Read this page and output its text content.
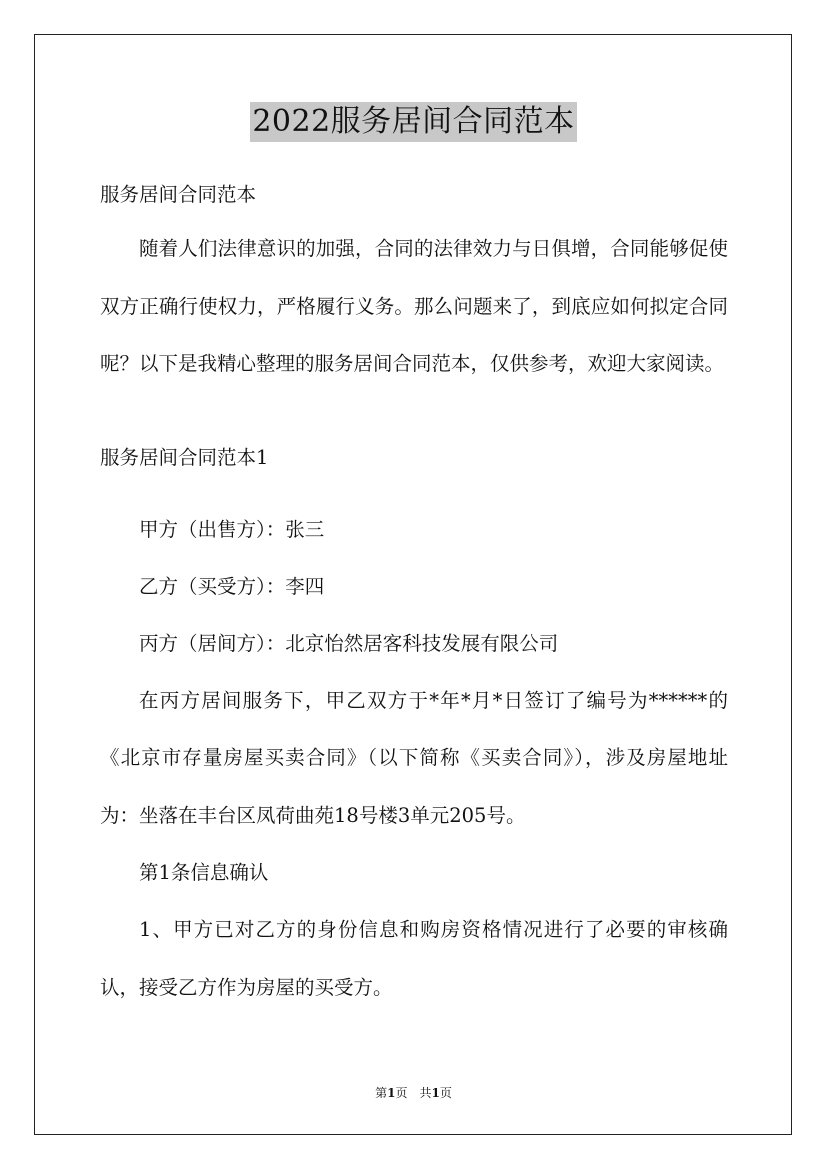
2022服务居间合同范本
服务居间合同范本

随着人们法律意识的加强，合同的法律效力与日俱增，合同能够促使双方正确行使权力，严格履行义务。那么问题来了，到底应如何拟定合同呢？以下是我精心整理的服务居间合同范本，仅供参考，欢迎大家阅读。

服务居间合同范本1

甲方（出售方）：张三

乙方（买受方）：李四

丙方（居间方）：北京怡然居客科技发展有限公司

在丙方居间服务下，甲乙双方于*年*月*日签订了编号为******的《北京市存量房屋买卖合同》（以下简称《买卖合同》），涉及房屋地址为：坐落在丰台区凤荷曲苑18号楼3单元205号。

第1条信息确认

1、甲方已对乙方的身份信息和购房资格情况进行了必要的审核确认，接受乙方作为房屋的买受方。

第1页　共1页
